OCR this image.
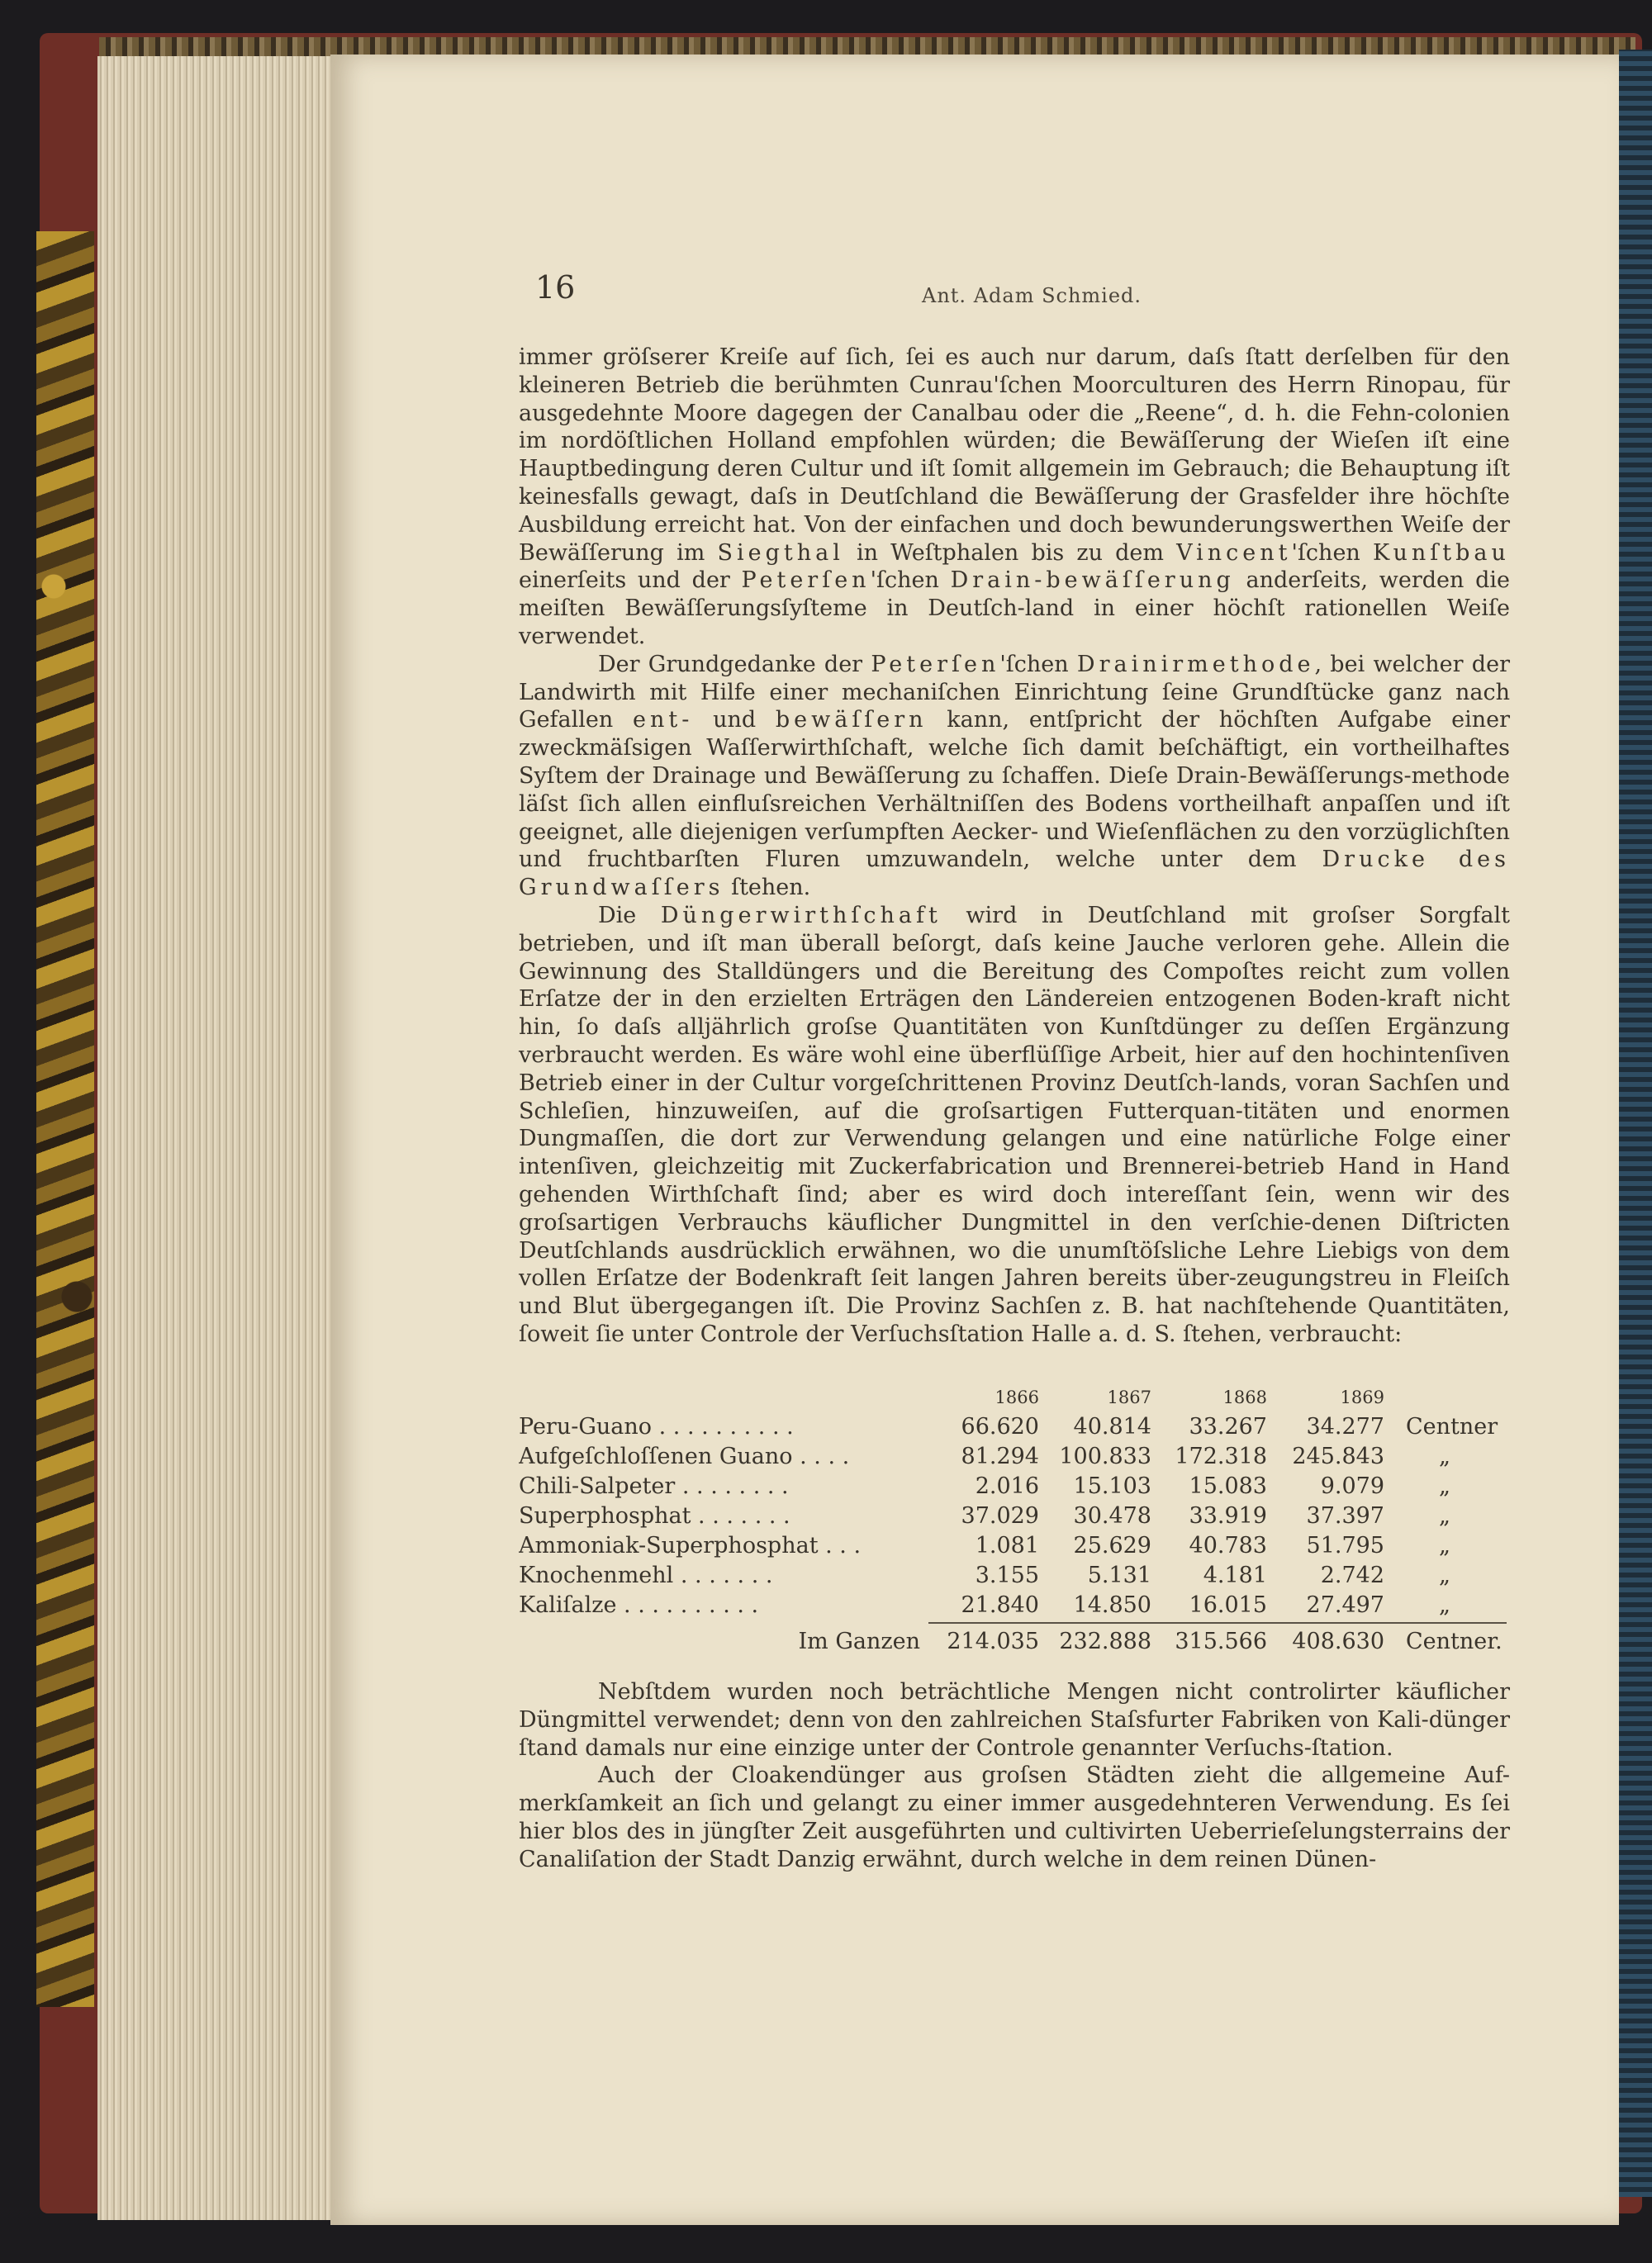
16	Ant. Adam Schmied.

immer gröſserer Kreiſe auf ſich, ſei es auch nur darum, daſs ſtatt derſelben für den kleineren Betrieb die berühmten Cunrau'ſchen Moorculturen des Herrn Rinopau, für ausgedehnte Moore dagegen der Canalbau oder die „Reene“, d. h. die Fehn-colonien im nordöſtlichen Holland empfohlen würden; die Bewäſſerung der Wieſen iſt eine Hauptbedingung deren Cultur und iſt ſomit allgemein im Gebrauch; die Behauptung iſt keinesfalls gewagt, daſs in Deutſchland die Bewäſſerung der Grasfelder ihre höchſte Ausbildung erreicht hat. Von der einfachen und doch bewunderungswerthen Weiſe der Bewäſſerung im Siegthal in Weſtphalen bis zu dem Vincent'ſchen Kunſtbau einerſeits und der Peterſen'ſchen Drain-bewäſſerung anderſeits, werden die meiſten Bewäſſerungsſyſteme in Deutſch-land in einer höchſt rationellen Weiſe verwendet.

Der Grundgedanke der Peterſen'ſchen Drainirmethode, bei welcher der Landwirth mit Hilfe einer mechaniſchen Einrichtung ſeine Grundſtücke ganz nach Gefallen ent- und bewäſſern kann, entſpricht der höchſten Aufgabe einer zweckmäſsigen Waſſerwirthſchaft, welche ſich damit beſchäftigt, ein vortheilhaftes Syſtem der Drainage und Bewäſſerung zu ſchaffen. Dieſe Drain-Bewäſſerungs-methode läſst ſich allen einfluſsreichen Verhältniſſen des Bodens vortheilhaft anpaſſen und iſt geeignet, alle diejenigen verſumpften Aecker- und Wieſenflächen zu den vorzüglichſten und fruchtbarſten Fluren umzuwandeln, welche unter dem Drucke des Grundwaſſers ſtehen.

Die Düngerwirthſchaft wird in Deutſchland mit groſser Sorgfalt betrieben, und iſt man überall beſorgt, daſs keine Jauche verloren gehe. Allein die Gewinnung des Stalldüngers und die Bereitung des Compoſtes reicht zum vollen Erſatze der in den erzielten Erträgen den Ländereien entzogenen Boden-kraft nicht hin, ſo daſs alljährlich groſse Quantitäten von Kunſtdünger zu deſſen Ergänzung verbraucht werden. Es wäre wohl eine überflüſſige Arbeit, hier auf den hochintenſiven Betrieb einer in der Cultur vorgeſchrittenen Provinz Deutſch-lands, voran Sachſen und Schleſien, hinzuweiſen, auf die groſsartigen Futterquan-titäten und enormen Dungmaſſen, die dort zur Verwendung gelangen und eine natürliche Folge einer intenſiven, gleichzeitig mit Zuckerfabrication und Brennerei-betrieb Hand in Hand gehenden Wirthſchaft ſind; aber es wird doch intereſſant ſein, wenn wir des groſsartigen Verbrauchs käuflicher Dungmittel in den verſchie-denen Diſtricten Deutſchlands ausdrücklich erwähnen, wo die unumſtöſsliche Lehre Liebigs von dem vollen Erſatze der Bodenkraft ſeit langen Jahren bereits über-zeugungstreu in Fleiſch und Blut übergegangen iſt. Die Provinz Sachſen z. B. hat nachſtehende Quantitäten, ſoweit ſie unter Controle der Verſuchsſtation Halle a. d. S. ſtehen, verbraucht:

1866	1867	1868	1869
Peru-Guano . . . . . . . . . .	66.620	40.814	33.267	34.277 Centner
Aufgeſchloſſenen Guano . . . .	81.294 100.833	172.318	245.843	„
Chili-Salpeter . . . . . . . .	2.016	15.103	15.083	9.079	„
Superphosphat . . . . . . .	37.029	30.478	33.919	37.397	„
Ammoniak-Superphosphat . . .	1.081	25.629	40.783	51.795	„
Knochenmehl . . . . . . .	3.155	5.131	4.181	2.742	„
Kaliſalze . . . . . . . . . .	21.840	14.850	16.015	27.497	„
Im Ganzen	214.035 232.888	315.566	408.630 Centner.

Nebſtdem wurden noch beträchtliche Mengen nicht controlirter käuflicher Düngmittel verwendet; denn von den zahlreichen Staſsfurter Fabriken von Kali-dünger ſtand damals nur eine einzige unter der Controle genannter Verſuchs-ſtation.

Auch der Cloakendünger aus groſsen Städten zieht die allgemeine Auf-merkſamkeit an ſich und gelangt zu einer immer ausgedehnteren Verwendung. Es ſei hier blos des in jüngſter Zeit ausgeführten und cultivirten Ueberrieſelungsterrains der Canaliſation der Stadt Danzig erwähnt, durch welche in dem reinen Dünen-
